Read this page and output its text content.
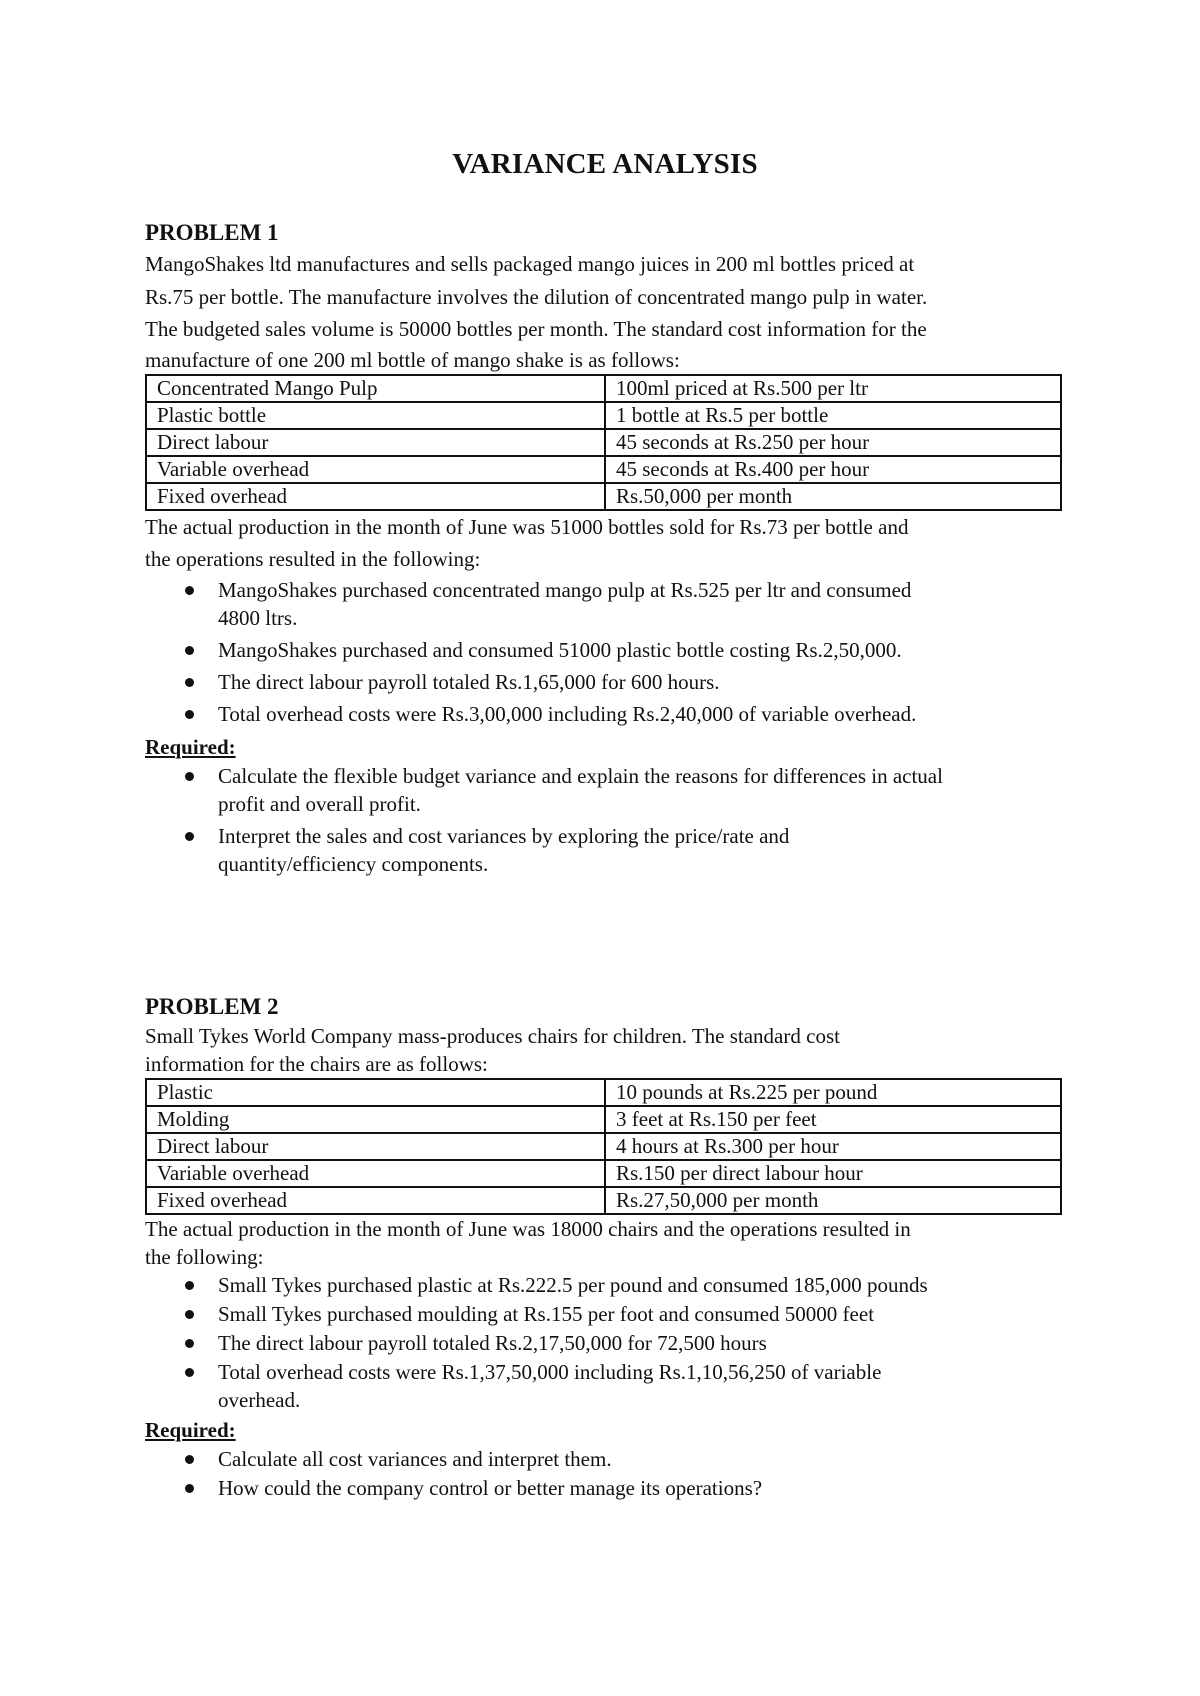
VARIANCE ANALYSIS

PROBLEM 1

MangoShakes ltd manufactures and sells packaged mango juices in 200 ml bottles priced at

Rs.75 per bottle. The manufacture involves the dilution of concentrated mango pulp in water.

The budgeted sales volume is 50000 bottles per month. The standard cost information for the

manufacture of one 200 ml bottle of mango shake is as follows:

Concentrated Mango Pulp	100ml priced at Rs.500 per ltr
Plastic bottle	1 bottle at Rs.5 per bottle
Direct labour	45 seconds at Rs.250 per hour
Variable overhead	45 seconds at Rs.400 per hour
Fixed overhead	Rs.50,000 per month

The actual production in the month of June was 51000 bottles sold for Rs.73 per bottle and

the operations resulted in the following:

MangoShakes purchased concentrated mango pulp at Rs.525 per ltr and consumed
4800 ltrs.
MangoShakes purchased and consumed 51000 plastic bottle costing Rs.2,50,000.
The direct labour payroll totaled Rs.1,65,000 for 600 hours.
Total overhead costs were Rs.3,00,000 including Rs.2,40,000 of variable overhead.

Required:

Calculate the flexible budget variance and explain the reasons for differences in actual
profit and overall profit.
Interpret the sales and cost variances by exploring the price/rate and
quantity/efficiency components.

PROBLEM 2

Small Tykes World Company mass-produces chairs for children. The standard cost

information for the chairs are as follows:

Plastic	10 pounds at Rs.225 per pound
Molding	3 feet at Rs.150 per feet
Direct labour	4 hours at Rs.300 per hour
Variable overhead	Rs.150 per direct labour hour
Fixed overhead	Rs.27,50,000 per month

The actual production in the month of June was 18000 chairs and the operations resulted in

the following:

Small Tykes purchased plastic at Rs.222.5 per pound and consumed 185,000 pounds
Small Tykes purchased moulding at Rs.155 per foot and consumed 50000 feet
The direct labour payroll totaled Rs.2,17,50,000 for 72,500 hours
Total overhead costs were Rs.1,37,50,000 including Rs.1,10,56,250 of variable
overhead.

Required:

Calculate all cost variances and interpret them.
How could the company control or better manage its operations?
